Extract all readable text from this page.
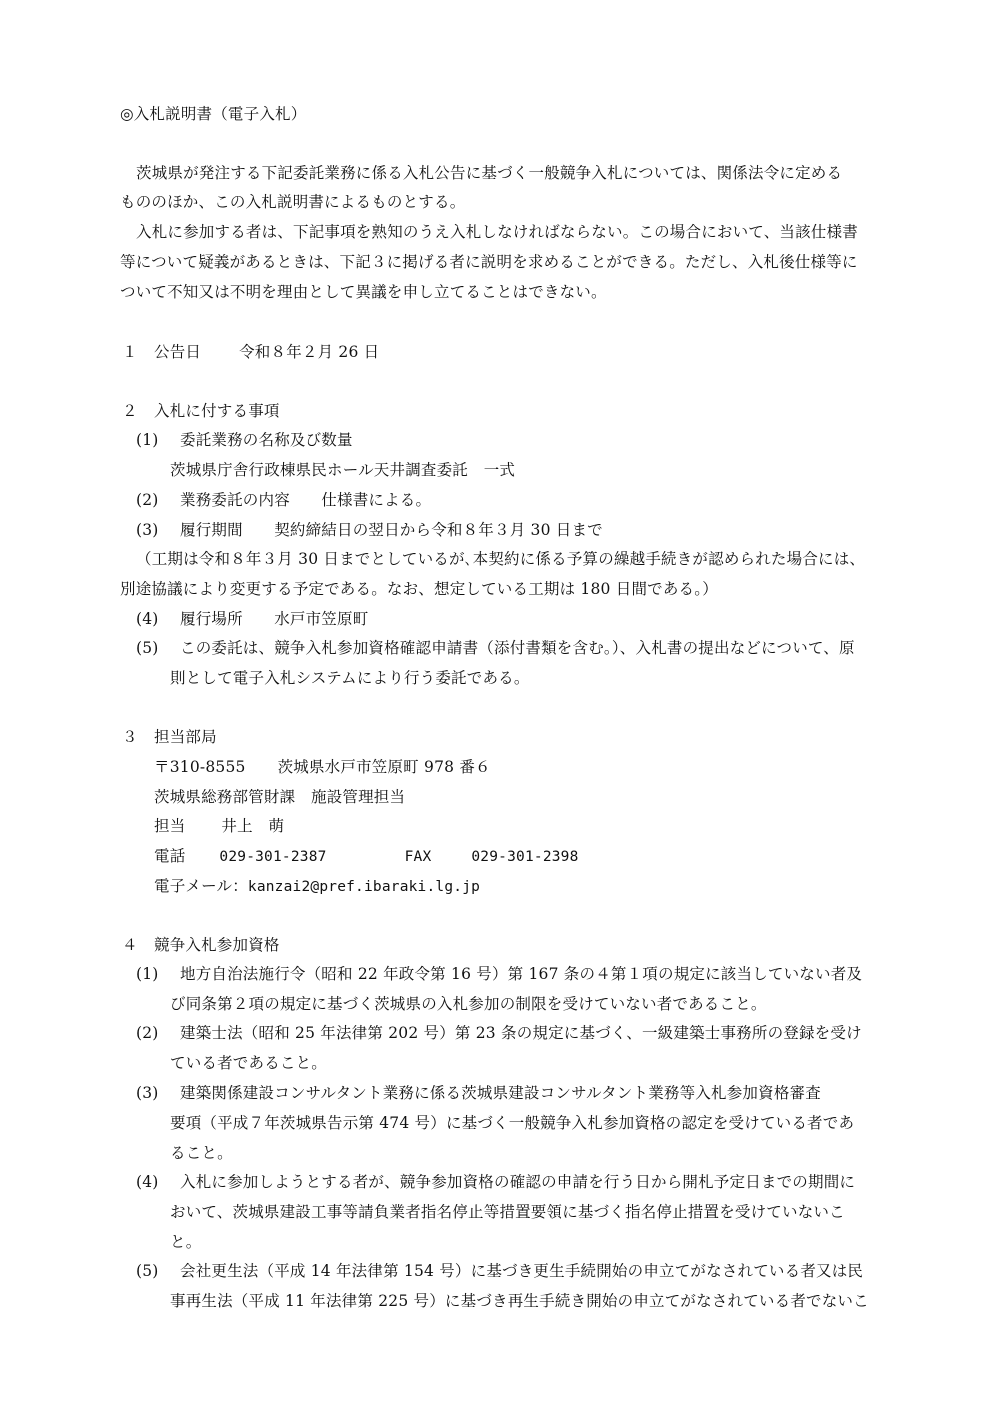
◎入札説明書（電子入札）
茨城県が発注する下記委託業務に係る入札公告に基づく一般競争入札については、関係法令に定める
もののほか、この入札説明書によるものとする。
入札に参加する者は、下記事項を熟知のうえ入札しなければならない。この場合において、当該仕様書
等について疑義があるときは、下記３に掲げる者に説明を求めることができる。ただし、入札後仕様等に
ついて不知又は不明を理由として異議を申し立てることはできない。
１ 公告日 令和８年２月 26 日
２ 入札に付する事項
(1) 委託業務の名称及び数量
茨城県庁舎行政棟県民ホール天井調査委託　一式
(2) 業務委託の内容　　仕様書による。
(3) 履行期間　　契約締結日の翌日から令和８年３月 30 日まで
（工期は令和８年３月 30 日までとしているが､本契約に係る予算の繰越手続きが認められた場合には、
別途協議により変更する予定である。なお、想定している工期は 180 日間である。）
(4) 履行場所　　水戸市笠原町
(5) この委託は、競争入札参加資格確認申請書（添付書類を含む｡）、入札書の提出などについて、原
則として電子入札システムにより行う委託である。
３ 担当部局
〒310-8555 茨城県水戸市笠原町 978 番６
茨城県総務部管財課　施設管理担当
担当 井上　萌
電話 029-301-2387	FAX	029-301-2398
電子メール：kanzai2@pref.ibaraki.lg.jp
４ 競争入札参加資格
(1) 地方自治法施行令（昭和 22 年政令第 16 号）第 167 条の４第１項の規定に該当していない者及
び同条第２項の規定に基づく茨城県の入札参加の制限を受けていない者であること。
(2) 建築士法（昭和 25 年法律第 202 号）第 23 条の規定に基づく、一級建築士事務所の登録を受け
ている者であること。
(3) 建築関係建設コンサルタント業務に係る茨城県建設コンサルタント業務等入札参加資格審査
要項（平成７年茨城県告示第 474 号）に基づく一般競争入札参加資格の認定を受けている者であ
ること。
(4) 入札に参加しようとする者が、競争参加資格の確認の申請を行う日から開札予定日までの期間に
おいて、茨城県建設工事等請負業者指名停止等措置要領に基づく指名停止措置を受けていないこ
と。
(5) 会社更生法（平成 14 年法律第 154 号）に基づき更生手続開始の申立てがなされている者又は民
事再生法（平成 11 年法律第 225 号）に基づき再生手続き開始の申立てがなされている者でないこ
